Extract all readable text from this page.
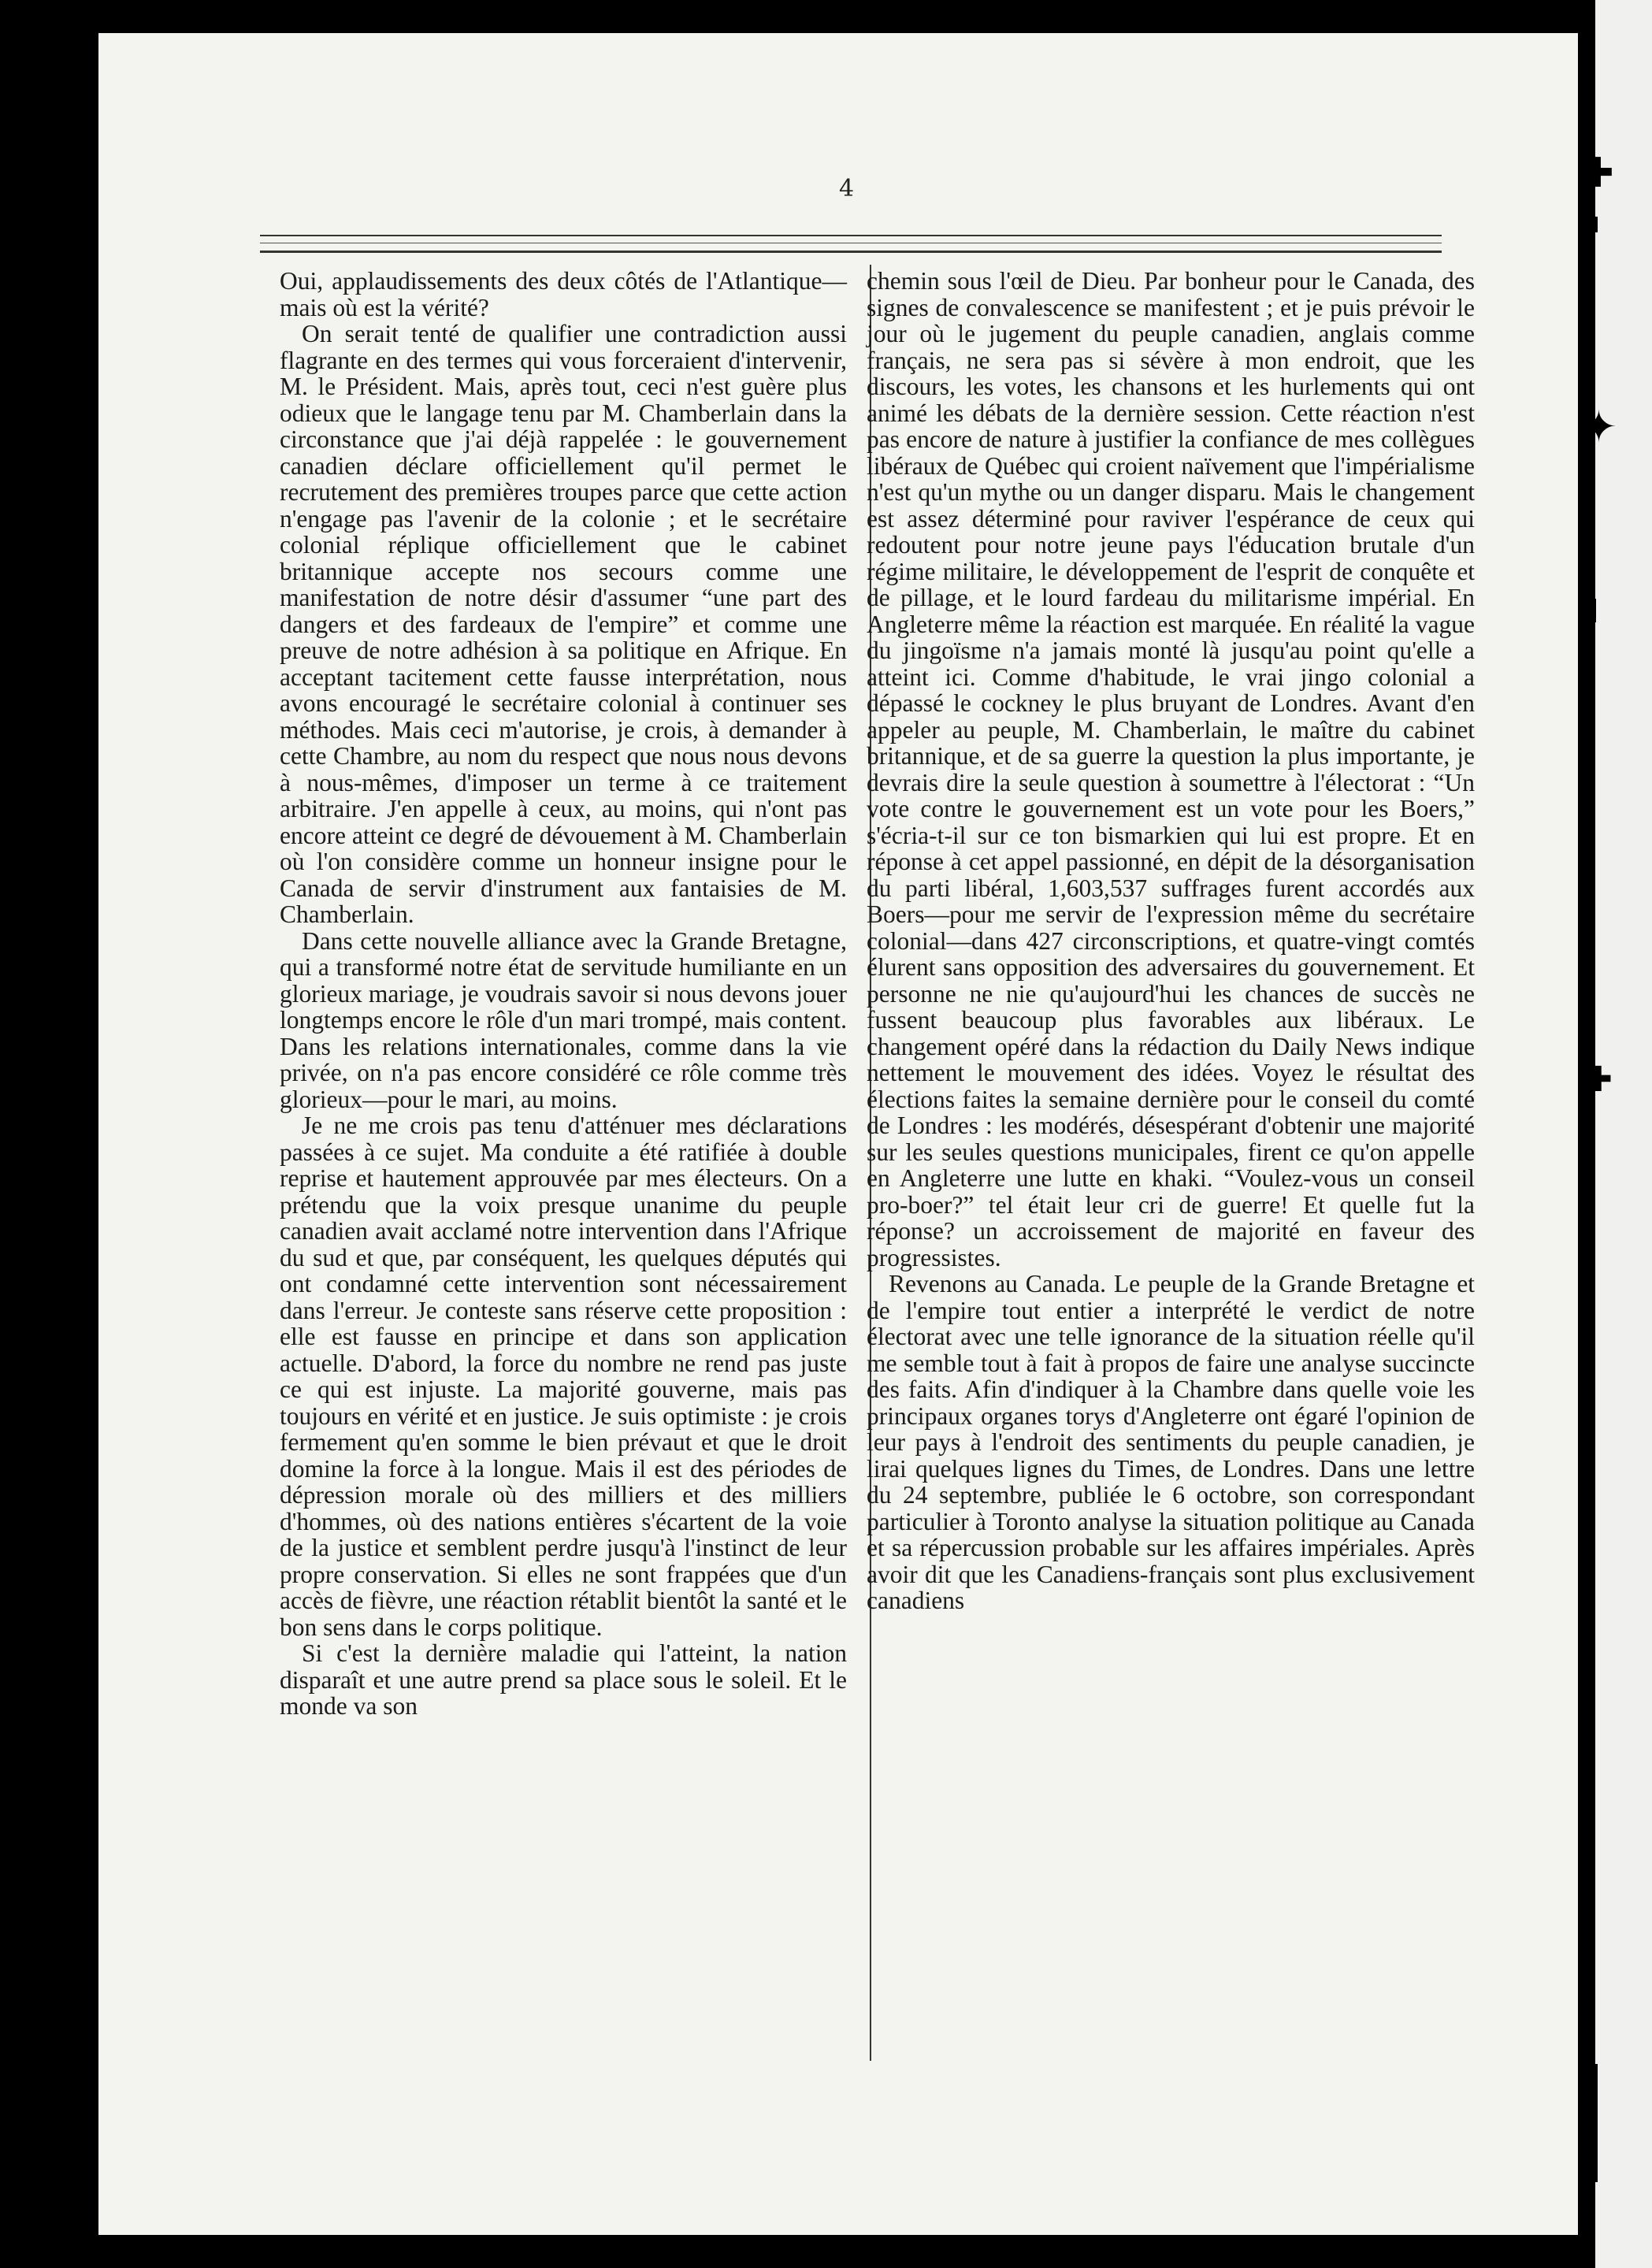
4

Oui, applaudissements des deux côtés de l'Atlantique—mais où est la vérité?

On serait tenté de qualifier une contradiction aussi flagrante en des termes qui vous forceraient d'intervenir, M. le Président. Mais, après tout, ceci n'est guère plus odieux que le langage tenu par M. Chamberlain dans la circonstance que j'ai déjà rappelée : le gouvernement canadien déclare officiellement qu'il permet le recrutement des premières troupes parce que cette action n'engage pas l'avenir de la colonie ; et le secrétaire colonial réplique officiellement que le cabinet britannique accepte nos secours comme une manifestation de notre désir d'assumer “une part des dangers et des fardeaux de l'empire” et comme une preuve de notre adhésion à sa politique en Afrique. En acceptant tacitement cette fausse interprétation, nous avons encouragé le secrétaire colonial à continuer ses méthodes. Mais ceci m'autorise, je crois, à demander à cette Chambre, au nom du respect que nous nous devons à nous-mêmes, d'imposer un terme à ce traitement arbitraire. J'en appelle à ceux, au moins, qui n'ont pas encore atteint ce degré de dévouement à M. Chamberlain où l'on considère comme un honneur insigne pour le Canada de servir d'instrument aux fantaisies de M. Chamberlain.

Dans cette nouvelle alliance avec la Grande Bretagne, qui a transformé notre état de servitude humiliante en un glorieux mariage, je voudrais savoir si nous devons jouer longtemps encore le rôle d'un mari trompé, mais content. Dans les relations internationales, comme dans la vie privée, on n'a pas encore considéré ce rôle comme très glorieux—pour le mari, au moins.

Je ne me crois pas tenu d'atténuer mes déclarations passées à ce sujet. Ma conduite a été ratifiée à double reprise et hautement approuvée par mes électeurs. On a prétendu que la voix presque unanime du peuple canadien avait acclamé notre intervention dans l'Afrique du sud et que, par conséquent, les quelques députés qui ont condamné cette intervention sont nécessairement dans l'erreur. Je conteste sans réserve cette proposition : elle est fausse en principe et dans son application actuelle. D'abord, la force du nombre ne rend pas juste ce qui est injuste. La majorité gouverne, mais pas toujours en vérité et en justice. Je suis optimiste : je crois fermement qu'en somme le bien prévaut et que le droit domine la force à la longue. Mais il est des périodes de dépression morale où des milliers et des milliers d'hommes, où des nations entières s'écartent de la voie de la justice et semblent perdre jusqu'à l'instinct de leur propre conservation. Si elles ne sont frappées que d'un accès de fièvre, une réaction rétablit bientôt la santé et le bon sens dans le corps politique.

Si c'est la dernière maladie qui l'atteint, la nation disparaît et une autre prend sa place sous le soleil. Et le monde va son

chemin sous l'œil de Dieu. Par bonheur pour le Canada, des signes de convalescence se manifestent ; et je puis prévoir le jour où le jugement du peuple canadien, anglais comme français, ne sera pas si sévère à mon endroit, que les discours, les votes, les chansons et les hurlements qui ont animé les débats de la dernière session. Cette réaction n'est pas encore de nature à justifier la confiance de mes collègues libéraux de Québec qui croient naïvement que l'impérialisme n'est qu'un mythe ou un danger disparu. Mais le changement est assez déterminé pour raviver l'espérance de ceux qui redoutent pour notre jeune pays l'éducation brutale d'un régime militaire, le développement de l'esprit de conquête et de pillage, et le lourd fardeau du militarisme impérial. En Angleterre même la réaction est marquée. En réalité la vague du jingoïsme n'a jamais monté là jusqu'au point qu'elle a atteint ici. Comme d'habitude, le vrai jingo colonial a dépassé le cockney le plus bruyant de Londres. Avant d'en appeler au peuple, M. Chamberlain, le maître du cabinet britannique, et de sa guerre la question la plus importante, je devrais dire la seule question à soumettre à l'électorat : “Un vote contre le gouvernement est un vote pour les Boers,” s'écria-t-il sur ce ton bismarkien qui lui est propre. Et en réponse à cet appel passionné, en dépit de la désorganisation du parti libéral, 1,603,537 suffrages furent accordés aux Boers—pour me servir de l'expression même du secrétaire colonial—dans 427 circonscriptions, et quatre-vingt comtés élurent sans opposition des adversaires du gouvernement. Et personne ne nie qu'aujourd'hui les chances de succès ne fussent beaucoup plus favorables aux libéraux. Le changement opéré dans la rédaction du Daily News indique nettement le mouvement des idées. Voyez le résultat des élections faites la semaine dernière pour le conseil du comté de Londres : les modérés, désespérant d'obtenir une majorité sur les seules questions municipales, firent ce qu'on appelle en Angleterre une lutte en khaki. “Voulez-vous un conseil pro-boer?” tel était leur cri de guerre! Et quelle fut la réponse? un accroissement de majorité en faveur des progressistes.

Revenons au Canada. Le peuple de la Grande Bretagne et de l'empire tout entier a interprété le verdict de notre électorat avec une telle ignorance de la situation réelle qu'il me semble tout à fait à propos de faire une analyse succincte des faits. Afin d'indiquer à la Chambre dans quelle voie les principaux organes torys d'Angleterre ont égaré l'opinion de leur pays à l'endroit des sentiments du peuple canadien, je lirai quelques lignes du Times, de Londres. Dans une lettre du 24 septembre, publiée le 6 octobre, son correspondant particulier à Toronto analyse la situation politique au Canada et sa répercussion probable sur les affaires impériales. Après avoir dit que les Canadiens-français sont plus exclusivement canadiens

✚
✦
✚
